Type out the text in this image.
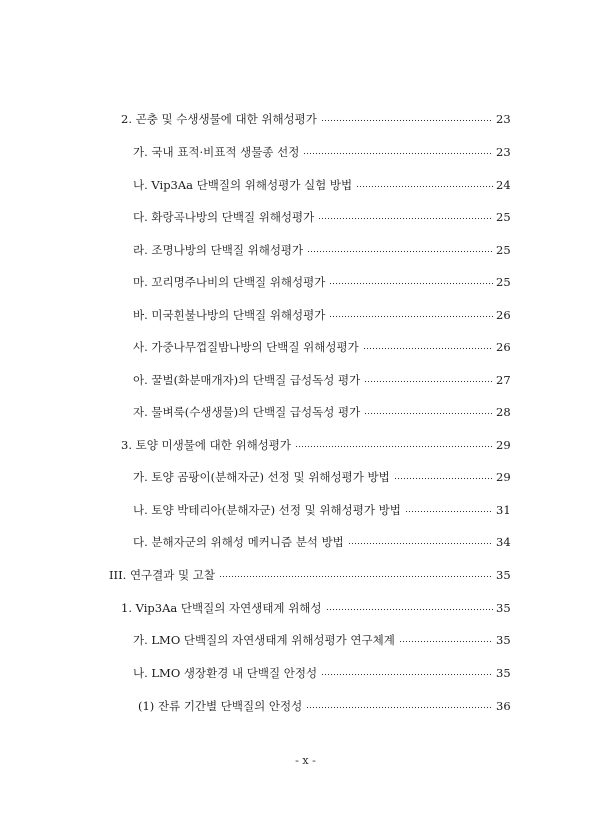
2. 곤충 및 수생생물에 대한 위해성평가	23
가. 국내 표적·비표적 생물종 선정	23
나. Vip3Aa 단백질의 위해성평가 실험 방법	24
다. 화랑곡나방의 단백질 위해성평가	25
라. 조명나방의 단백질 위해성평가	25
마. 꼬리명주나비의 단백질 위해성평가	25
바. 미국흰불나방의 단백질 위해성평가	26
사. 가중나무껍질밤나방의 단백질 위해성평가	26
아. 꿀벌(화분매개자)의 단백질 급성독성 평가	27
자. 물벼룩(수생생물)의 단백질 급성독성 평가	28
3. 토양 미생물에 대한 위해성평가	29
가. 토양 곰팡이(분해자군) 선정 및 위해성평가 방법	29
나. 토양 박테리아(분해자군) 선정 및 위해성평가 방법	31
다. 분해자군의 위해성 메커니즘 분석 방법	34
III. 연구결과 및 고찰	35
1. Vip3Aa 단백질의 자연생태계 위해성	35
가. LMO 단백질의 자연생태계 위해성평가 연구체계	35
나. LMO 생장환경 내 단백질 안정성	35
(1) 잔류 기간별 단백질의 안정성	36
- x -
